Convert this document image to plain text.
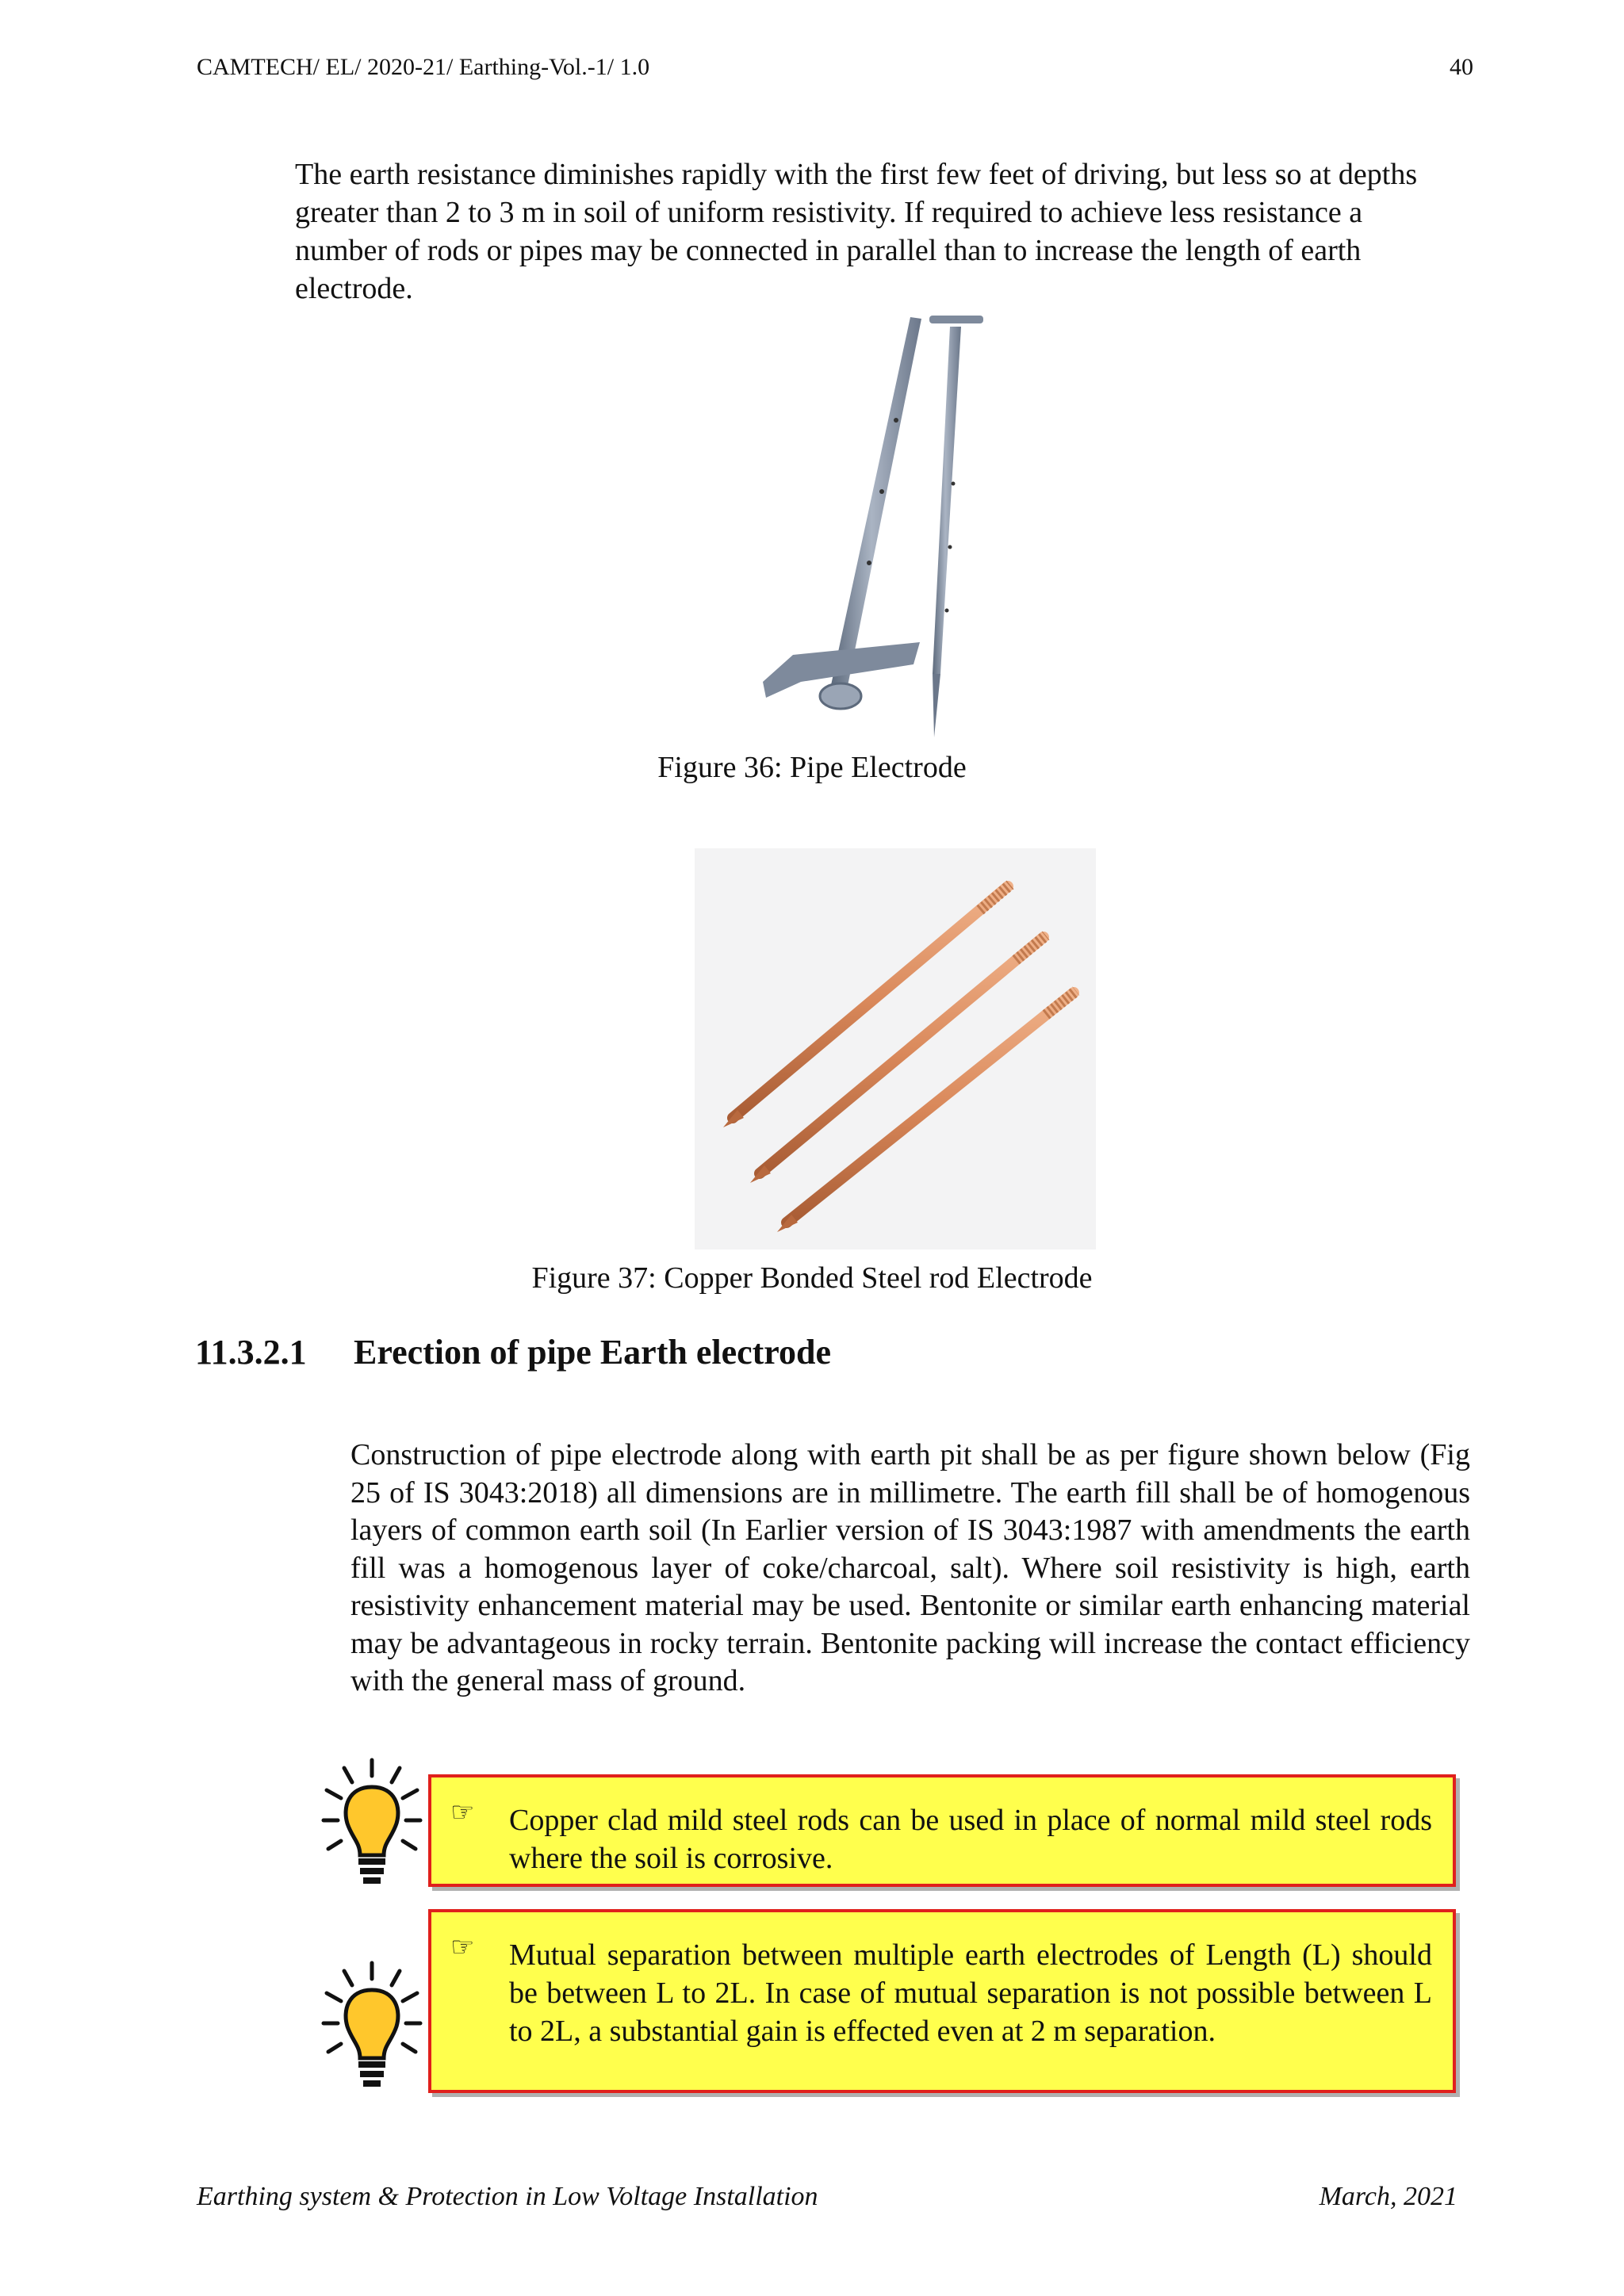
CAMTECH/ EL/ 2020-21/ Earthing-Vol.-1/ 1.0	40

The earth resistance diminishes rapidly with the first few feet of driving, but less so at depths greater than 2 to 3 m in soil of uniform resistivity. If required to achieve less resistance a number of rods or pipes may be connected in parallel than to increase the length of earth electrode.

Figure 36: Pipe Electrode
Figure 37: Copper Bonded Steel rod Electrode
11.3.2.1 Erection of pipe Earth electrode

Construction of pipe electrode along with earth pit shall be as per figure shown below (Fig 25 of IS 3043:2018) all dimensions are in millimetre. The earth fill shall be of homogenous layers of common earth soil (In Earlier version of IS 3043:1987 with amendments the earth fill was a homogenous layer of coke/charcoal, salt). Where soil resistivity is high, earth resistivity enhancement material may be used. Bentonite or similar earth enhancing material may be advantageous in rocky terrain. Bentonite packing will increase the contact efficiency with the general mass of ground.

☞ Copper clad mild steel rods can be used in place of normal mild steel rods where the soil is corrosive.
☞ Mutual separation between multiple earth electrodes of Length (L) should be between L to 2L. In case of mutual separation is not possible between L to 2L, a substantial gain is effected even at 2 m separation.
Earthing system & Protection in Low Voltage Installation	March, 2021
